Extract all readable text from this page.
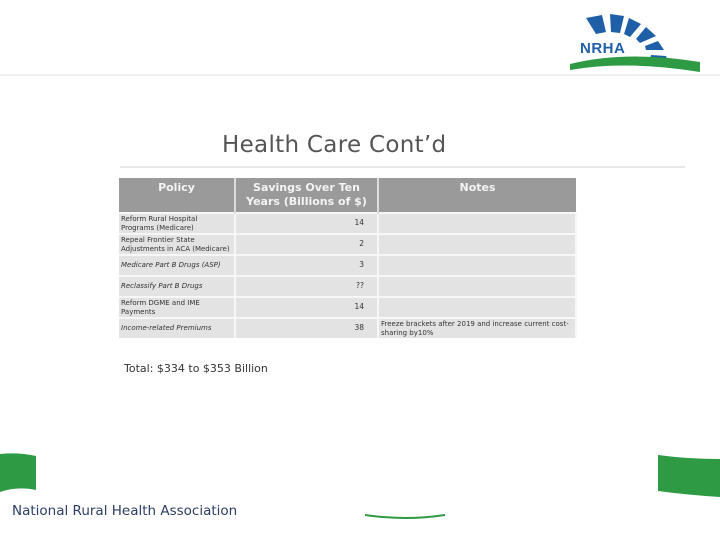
NRHA
Health Care Cont’d
Policy	Savings Over Ten Years (Billions of $)	Notes

Reform Rural Hospital Programs (Medicare)	14	
Repeal Frontier State Adjustments in ACA (Medicare)	2	
Medicare Part B Drugs (ASP)	3	
Reclassify Part B Drugs	??	
Reform DGME and IME Payments	14	
Income-related Premiums	38	Freeze brackets after 2019 and increase current cost-sharing by10%
Total: $334 to $353 Billion
National Rural Health Association
